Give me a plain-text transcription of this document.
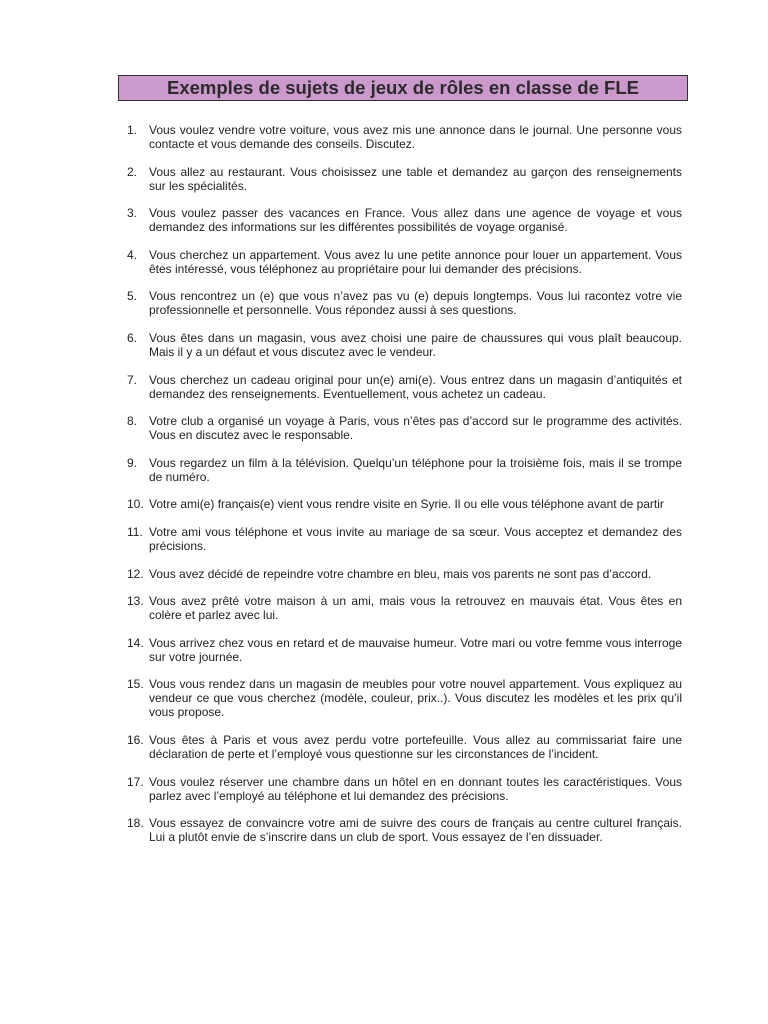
Exemples de sujets de jeux de rôles en classe de FLE
1. Vous voulez vendre votre voiture, vous avez mis une annonce dans le journal. Une personne vous contacte et vous demande des conseils. Discutez.
2. Vous allez au restaurant. Vous choisissez une table et demandez au garçon des renseignements sur les spécialités.
3. Vous voulez passer des vacances en France. Vous allez dans une agence de voyage et vous demandez des informations sur les différentes possibilités de voyage organisé.
4. Vous cherchez un appartement. Vous avez lu une petite annonce pour louer un appartement. Vous êtes intéressé, vous téléphonez au propriétaire pour lui demander des précisions.
5. Vous rencontrez un (e) que vous n’avez pas vu (e) depuis longtemps. Vous lui racontez votre vie professionnelle et personnelle. Vous répondez aussi à ses questions.
6. Vous êtes dans un magasin, vous avez choisi une paire de chaussures qui vous plaît beaucoup. Mais il y a un défaut et vous discutez avec le vendeur.
7. Vous cherchez un cadeau original pour un(e) ami(e). Vous entrez dans un magasin d’antiquités et demandez des renseignements. Eventuellement, vous achetez un cadeau.
8. Votre club a organisé un voyage à Paris, vous n’êtes pas d’accord sur le programme des activités. Vous en discutez avec le responsable.
9. Vous regardez un film à la télévision. Quelqu’un téléphone pour la troisième fois, mais il se trompe de numéro.
10. Votre ami(e) français(e) vient vous rendre visite en Syrie. Il ou elle vous téléphone avant de partir
11. Votre ami vous téléphone et vous invite au mariage de sa sœur. Vous acceptez et demandez des précisions.
12. Vous avez décidé de repeindre votre chambre en bleu, mais vos parents ne sont pas d’accord.
13. Vous avez prêté votre maison à un ami, mais vous la retrouvez en mauvais état. Vous êtes en colère et parlez avec lui.
14. Vous arrivez chez vous en retard et de mauvaise humeur. Votre mari ou votre femme vous interroge sur votre journée.
15. Vous vous rendez dans un magasin de meubles pour votre nouvel appartement. Vous expliquez au vendeur ce que vous cherchez (modèle, couleur, prix..). Vous discutez les modèles et les prix qu’il vous propose.
16. Vous êtes à Paris et vous avez perdu votre portefeuille. Vous allez au commissariat faire une déclaration de perte et l’employé vous questionne sur les circonstances de l’incident.
17. Vous voulez réserver une chambre dans un hôtel en en donnant toutes les caractéristiques. Vous parlez avec l’employé au téléphone et lui demandez des précisions.
18. Vous essayez de convaincre votre ami de suivre des cours de français au centre culturel français. Lui a plutôt envie de s’inscrire dans un club de sport. Vous essayez de l’en dissuader.
